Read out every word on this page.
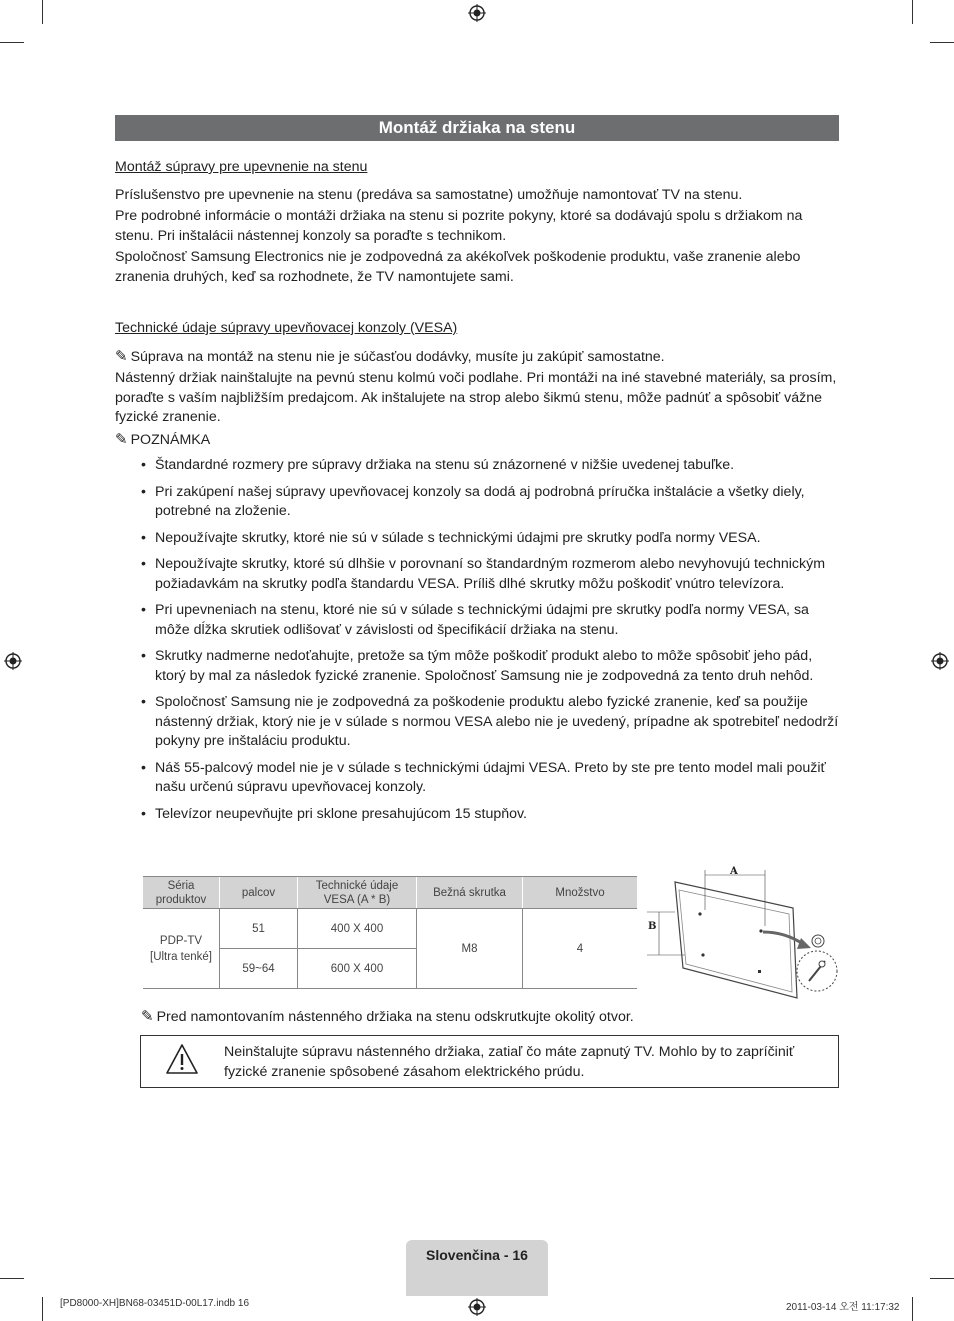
Montáž držiaka na stenu
Montáž súpravy pre upevnenie na stenu
Príslušenstvo pre upevnenie na stenu (predáva sa samostatne) umožňuje namontovať TV na stenu.
Pre podrobné informácie o montáži držiaka na stenu si pozrite pokyny, ktoré sa dodávajú spolu s držiakom na stenu. Pri inštalácii nástennej konzoly sa poraďte s technikom.
Spoločnosť Samsung Electronics nie je zodpovedná za akékoľvek poškodenie produktu, vaše zranenie alebo zranenia druhých, keď sa rozhodnete, že TV namontujete sami.
Technické údaje súpravy upevňovacej konzoly (VESA)
✎ Súprava na montáž na stenu nie je súčasťou dodávky, musíte ju zakúpiť samostatne.
Nástenný držiak nainštalujte na pevnú stenu kolmú voči podlahe. Pri montáži na iné stavebné materiály, sa prosím, poraďte s vaším najbližším predajcom. Ak inštalujete na strop alebo šikmú stenu, môže padnúť a spôsobiť vážne fyzické zranenie.
✎ POZNÁMKA
• Štandardné rozmery pre súpravy držiaka na stenu sú znázornené v nižšie uvedenej tabuľke.
• Pri zakúpení našej súpravy upevňovacej konzoly sa dodá aj podrobná príručka inštalácie a všetky diely, potrebné na zloženie.
• Nepoužívajte skrutky, ktoré nie sú v súlade s technickými údajmi pre skrutky podľa normy VESA.
• Nepoužívajte skrutky, ktoré sú dlhšie v porovnaní so štandardným rozmerom alebo nevyhovujú technickým požiadavkám na skrutky podľa štandardu VESA. Príliš dlhé skrutky môžu poškodiť vnútro televízora.
• Pri upevneniach na stenu, ktoré nie sú v súlade s technickými údajmi pre skrutky podľa normy VESA, sa môže dĺžka skrutiek odlišovať v závislosti od špecifikácií držiaka na stenu.
• Skrutky nadmerne nedoťahujte, pretože sa tým môže poškodiť produkt alebo to môže spôsobiť jeho pád, ktorý by mal za následok fyzické zranenie. Spoločnosť Samsung nie je zodpovedná za tento druh nehôd.
• Spoločnosť Samsung nie je zodpovedná za poškodenie produktu alebo fyzické zranenie, keď sa použije nástenný držiak, ktorý nie je v súlade s normou VESA alebo nie je uvedený, prípadne ak spotrebiteľ nedodrží pokyny pre inštaláciu produktu.
• Náš 55-palcový model nie je v súlade s technickými údajmi VESA. Preto by ste pre tento model mali použiť našu určenú súpravu upevňovacej konzoly.
• Televízor neupevňujte pri sklone presahujúcom 15 stupňov.
Séria produktov	palcov	Technické údaje VESA (A * B)	Bežná skrutka	Množstvo

PDP-TV
[Ultra tenké]	51	400 X 400	M8	4
	59~64	600 X 400		
A
B
✎ Pred namontovaním nástenného držiaka na stenu odskrutkujte okolitý otvor.
Neinštalujte súpravu nástenného držiaka, zatiaľ čo máte zapnutý TV. Mohlo by to zapríčiniť fyzické zranenie spôsobené zásahom elektrického prúdu.
Slovenčina - 16
[PD8000-XH]BN68-03451D-00L17.indb 16	2011-03-14 오전 11:17:32
